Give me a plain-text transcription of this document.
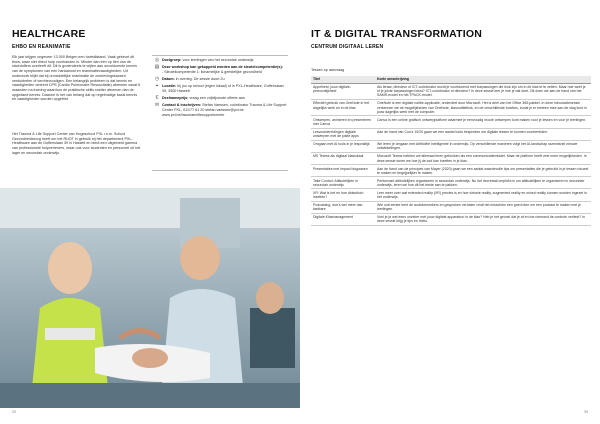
HEALTHCARE
EHBO EN REANIMATIE
Elk jaar krijgen ongeveer 13.000 Belgen een hartstilstand. Vaak gebeurt dit thuis, waar niet direct hulp voorhanden is. Minder dan één op tien van de slachtoffers overleeft dit. Dit is grotendeels te wijten aan onvoldoende kennis van de symptomen van een hartaanval en reanimatievaardigheden. Uit onderzoek blijkt dat bij onmiddellijke reanimatie de overlevingskansen verdubbelen of verdrievoudigen. Een belangrijk probleem is dat kennis en vaardigheden omtrent CPR (Cardio Pulmonaire Resuscitatie) afnemen vanaf 6 maanden na training waardoor de praktische skills snelter afnemen dan de opgedane kennis. Daarom is het van belang dat op regelmatige basis kennis en vaardigheden worden opgefrist.
Het Trauma & Life Support Center van Hogeschool PXL i.s.m. School Gezondheidszorg heeft om het RUOT in gebruik bij het departement PXL-Healthcare aan de Guffenslaan 39 in Hasselt en biedt een uitgebreid gamma van professionele hulpverleners, maar ook voor studenten en personeel uit het lager en secundair onderwijs.
◎ Doelgroep: voor leerlingen van het secundair onderwijs
▤ Deze workshop kan gekoppeld worden aan de sleutelcompetentie(s):
- Sleutelcompetentie 1: lichamelijke & geestelijke gezondheid
◷ Datum: in overleg. De sessie duurt 2u
⌖ Locatie: bij jou op school (eigen lokaal) of in PXL-Healthcare, Guffenslaan 39, 3500 Hasselt
€ Deelnameprijs: vraag een vrijblijvende offerte aan
✉ Contact & inschrijven: Stefan Vaessen, coördinator Trauma & Life Support Center PXL, 011/77 61 20 stefan.vaessen@pxl.be www.pxl.be/traumaenlifesupportcenter
20
IT & DIGITAL TRANSFORMATION
CENTRUM DIGITAAL LEREN
39
Tessen op aanvraag
Titel	Korte omschrijving
Appelhest, jouw digitale-persoonlijkheid	Als leraar, directeur of ICT-coördinator wordt je voortdurend met toepassingen die leuk zijn om in de klas te te zetten. Maar hoe weet je of je juiste toepassingen kiest? ICT-coördinator of directeur? In deze sessie leer je hoe je dat doet. Dit doen we aan de hand van het SAMR-model en het TPACK-model.
Effectief gebruik van OneNote in het dagelijks werk en in de klas	OneNote is een digitale notitie-applicatie, onderdeel door Microsoft. Het is deel van het Office 365-pakket. In deze introductiesessie verkennen we de mogelijkheden van OneNote, klasnotitieblok, en de verschillende functies, zodat je er meteen mee aan de slag kunt in jouw dagelijks werk met de computer.
Ontwerpen, animeren en presenteren met Canva	Canva is een online grafisch ontwerpplatform waarmee je eenvoudig mooie ontwerpen kunt maken voor je lessen en voor je leerlingen.
Lesvoorbereidingen digitale ontwerpen met de juiste apps	Aan de hand van Coo's 10/20 gaan we een aantal tools bespreken om digitale lessen te kunnen voorbereiden.
Omgaan met AI tools in je lespraktijk	We leren je omgaan met Artificiële Intelligentie in onderwijs. Op verschillende manieren volgt het AI-landschap razendsnel nieuwe ontwikkelingen.
MS Teams als digitaal klaslokaal	Microsoft Teams hebben we allemaal leren gebruiken als een communicatiemiddel. Maar de platform heeft veel meer mogelijkheden. In deze sessie tonen we hoe jij de tool kan inzetten in je klas.
Presentaties met impact blogwaren	Aan de hand van de principes van Mayer (2020) gaan we een aantal waardevolle tips om presentaties die je gebruikt in je lessen visueel te maken en begrijpelijker te maken.
Take Control: Attitudelijken in secundair onderwijs	Performant attitudelijken organiseren in secundair onderwijs. Nu het decretaal verplicht is om attitudelijken te organiseren in secundair onderwijs, leren we hoe dit het beste aan te pakken.
XR: Wat is het en hoe didactisch inzetten?	Leer meer over wat extended reality (XR) precies is en hoe virtuele reality, augmented reality en mixed reality kunnen worden ingezet in het onderwijs.
Podcasting, doe's wel meer dan tastbare	Wie ooit eerste leert de audiobezoekers en gesproken verhalen vindt het misschien een goed idee om een podcast te maken met je leerlingen.
Digitale Klasmanagement	Voel je je wel eens onzeker met jouw digitale apparatuur in de klas? Heb je het gevoel dat je af en toe niemand de controle verliest? In deze sessie krijg je tips en tricks.
